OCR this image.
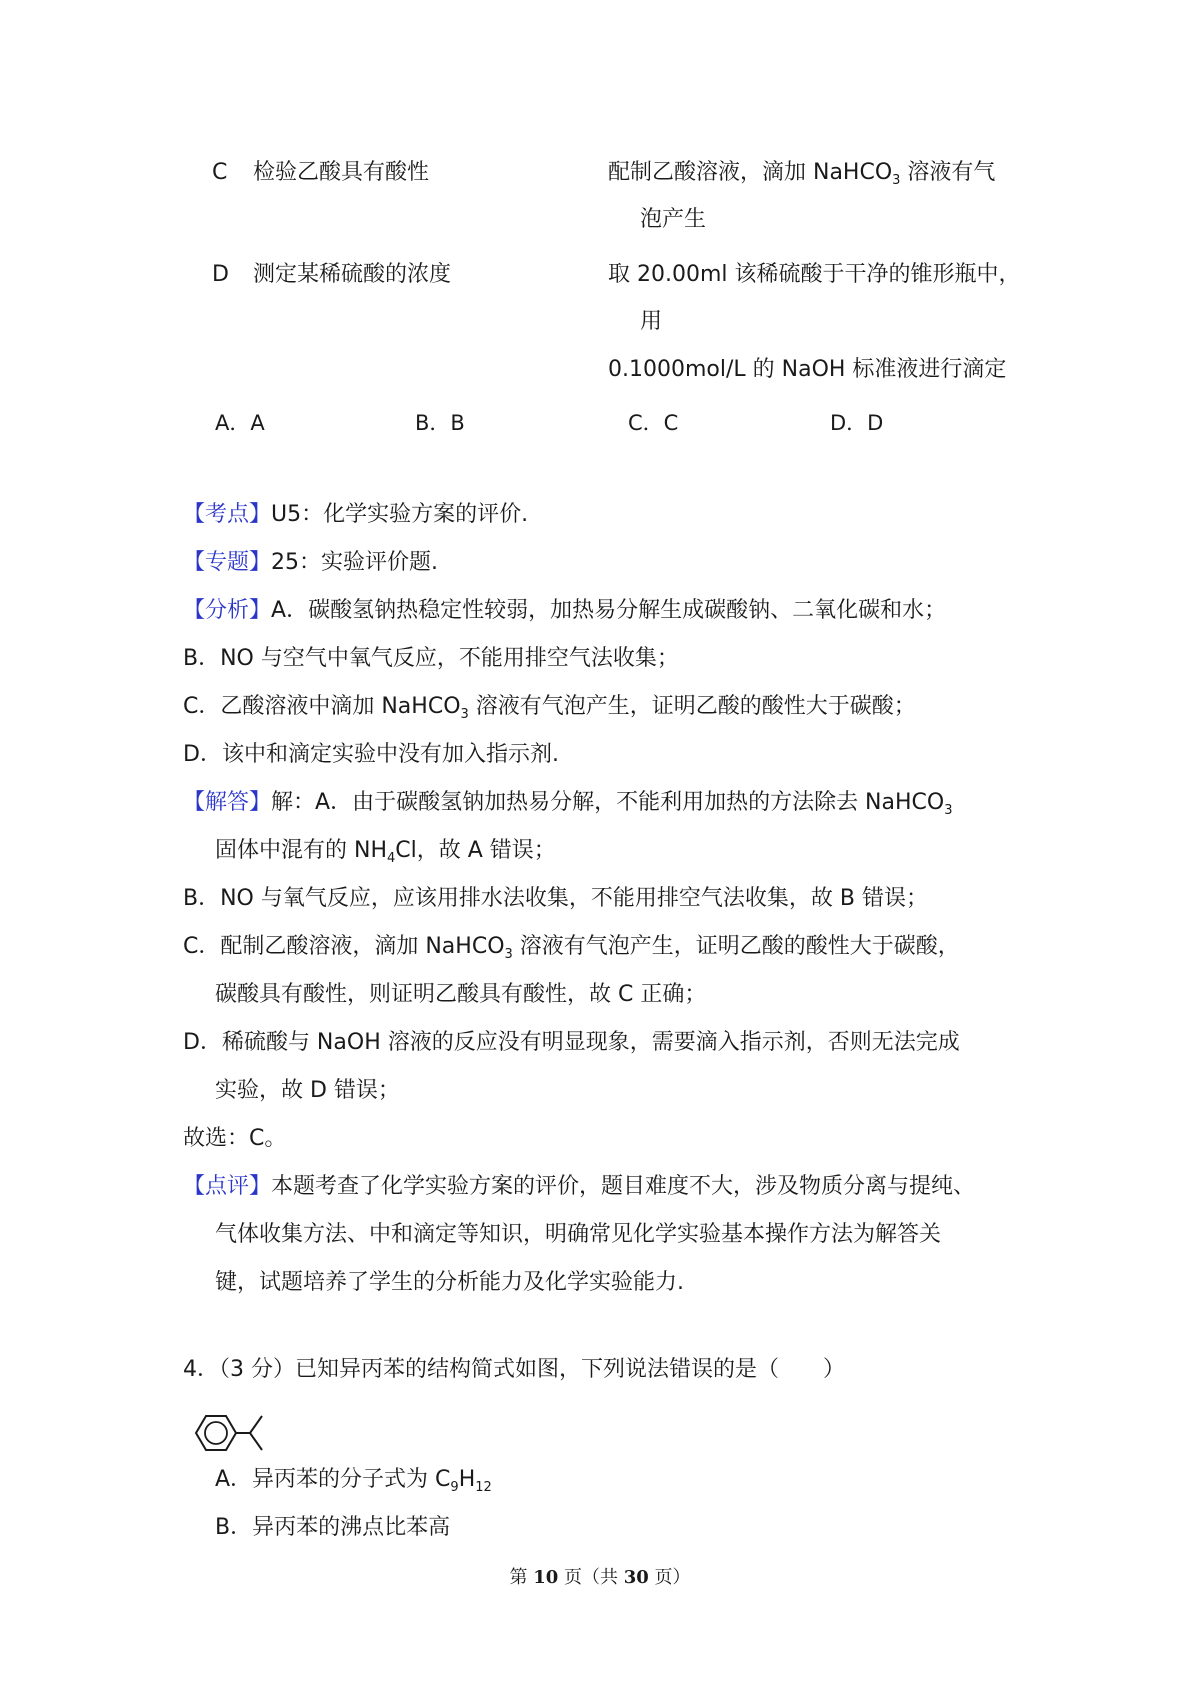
C 检验乙酸具有酸性	配制乙酸溶液，滴加 NaHCO$_3$ 溶液有气
泡产生
D 测定某稀硫酸的浓度	取 20.00ml 该稀硫酸于干净的锥形瓶中，
用
0.1000mol/L 的 NaOH 标准液进行滴定
A．A	B．B	C．C	D．D
【考点】U5：化学实验方案的评价.
【专题】25：实验评价题.
【分析】A．碳酸氢钠热稳定性较弱，加热易分解生成碳酸钠、二氧化碳和水；
B．NO 与空气中氧气反应，不能用排空气法收集；
C．乙酸溶液中滴加 NaHCO$_3$ 溶液有气泡产生，证明乙酸的酸性大于碳酸；
D．该中和滴定实验中没有加入指示剂.
【解答】解：A．由于碳酸氢钠加热易分解，不能利用加热的方法除去 NaHCO$_3$
固体中混有的 $NH_4Cl$，故 A 错误；
B．NO 与氧气反应，应该用排水法收集，不能用排空气法收集，故 B 错误；
C．配制乙酸溶液，滴加 NaHCO$_3$ 溶液有气泡产生，证明乙酸的酸性大于碳酸，
碳酸具有酸性，则证明乙酸具有酸性，故 C 正确；
D．稀硫酸与 NaOH 溶液的反应没有明显现象，需要滴入指示剂，否则无法完成
实验，故 D 错误；
故选：C。
【点评】本题考查了化学实验方案的评价，题目难度不大，涉及物质分离与提纯、
气体收集方法、中和滴定等知识，明确常见化学实验基本操作方法为解答关
键，试题培养了学生的分析能力及化学实验能力.
4．（3 分）已知异丙苯的结构简式如图，下列说法错误的是（　　）
A．异丙苯的分子式为 $C_9H_{12}$
B．异丙苯的沸点比苯高
第 10 页（共 30 页）
